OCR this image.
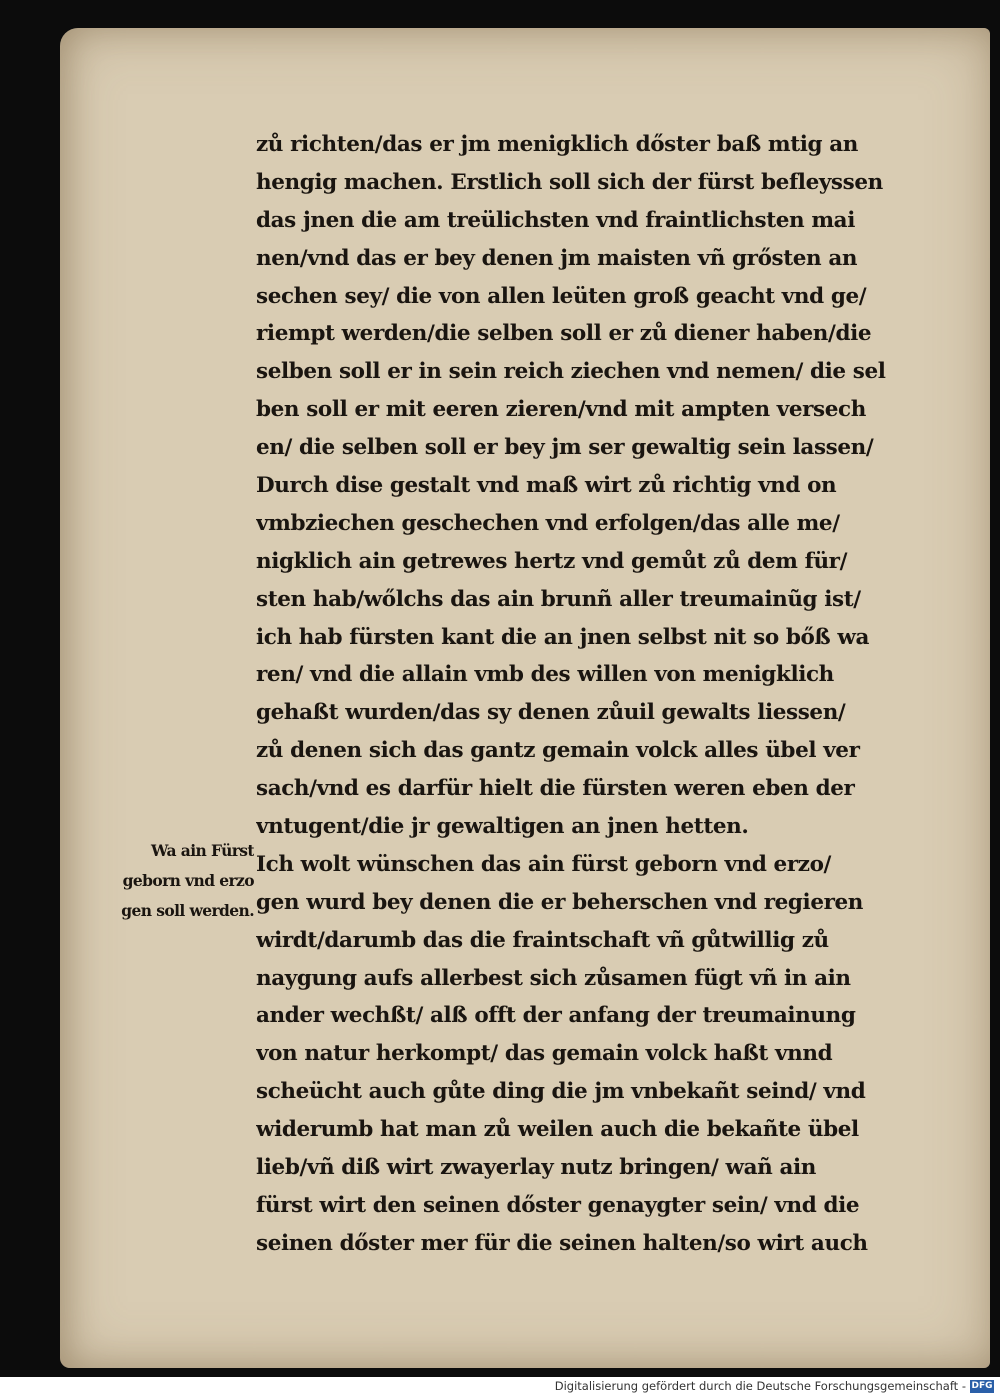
zů richten/das er jm menigklich dőster baß mtig an
hengig machen. Erstlich soll sich der fürst befleyssen
das jnen die am treülichsten vnd fraintlichsten mai
nen/vnd das er bey denen jm maisten vñ grősten an
sechen sey/ die von allen leüten groß geacht vnd ge/
riempt werden/die selben soll er zů diener haben/die
selben soll er in sein reich ziechen vnd nemen/ die sel
ben soll er mit eeren zieren/vnd mit ampten versech
en/ die selben soll er bey jm ser gewaltig sein lassen/
Durch dise gestalt vnd maß wirt zů richtig vnd on
vmbziechen geschechen vnd erfolgen/das alle me/
nigklich ain getrewes hertz vnd gemůt zů dem für/
sten hab/wőlchs das ain brunñ aller treumainũg ist/
ich hab fürsten kant die an jnen selbst nit so bőß wa
ren/ vnd die allain vmb des willen von menigklich
gehaßt wurden/das sy denen zůuil gewalts liessen/
zů denen sich das gantz gemain volck alles übel ver
sach/vnd es darfür hielt die fürsten weren eben der
vntugent/die jr gewaltigen an jnen hetten.
Ich wolt wünschen das ain fürst geborn vnd erzo/
gen wurd bey denen die er beherschen vnd regieren
wirdt/darumb das die fraintschaft vñ gůtwillig zů
naygung aufs allerbest sich zůsamen fügt vñ in ain
ander wechßt/ alß offt der anfang der treumainung
von natur herkompt/ das gemain volck haßt vnnd
scheücht auch gůte ding die jm vnbekañt seind/ vnd
widerumb hat man zů weilen auch die bekañte übel
lieb/vñ diß wirt zwayerlay nutz bringen/ wañ ain
fürst wirt den seinen dőster genaygter sein/ vnd die
seinen dőster mer für die seinen halten/so wirt auch
Wa ain Fürst
geborn vnd erzo
gen soll werden.
Digitalisierung gefördert durch die Deutsche Forschungsgemeinschaft - DFG
